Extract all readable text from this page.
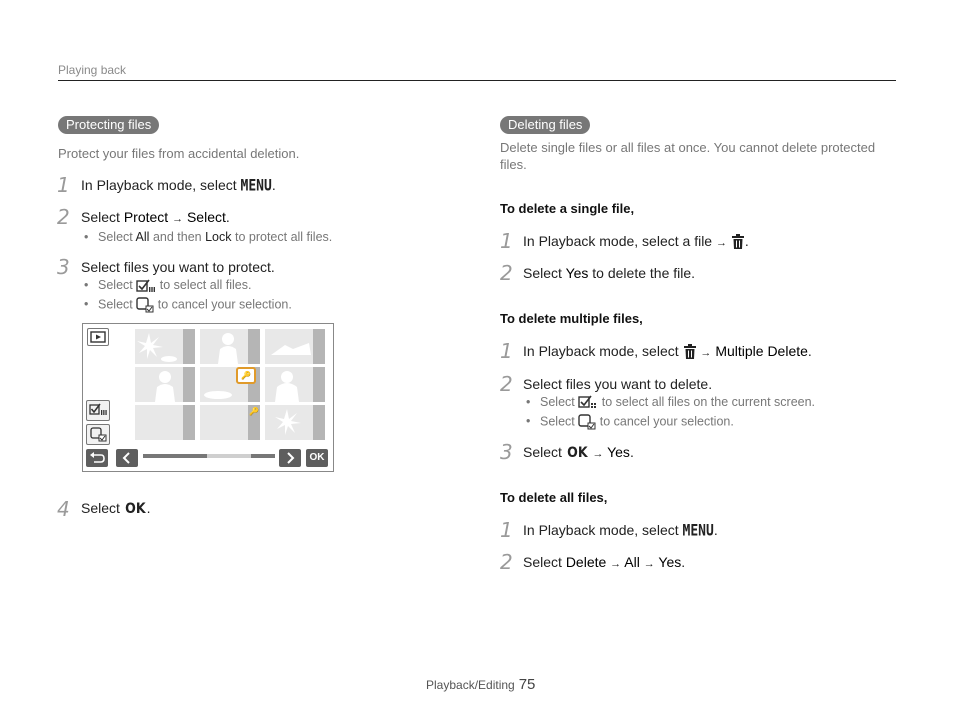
Playing back
Protecting files
Protect your files from accidental deletion.
1 In Playback mode, select MENU.
2 Select Protect → Select.
• Select All and then Lock to protect all files.
3 Select files you want to protect.
• Select to select all files.
• Select to cancel your selection.
🔑
🔑
OK
4 Select OK.
Deleting files
Delete single files or all files at once. You cannot delete protected files.
To delete a single file,
1 In Playback mode, select a file → .
2 Select Yes to delete the file.
To delete multiple files,
1 In Playback mode, select → Multiple Delete.
2 Select files you want to delete.
• Select to select all files on the current screen.
• Select to cancel your selection.
3 Select OK → Yes.
To delete all files,
1 In Playback mode, select MENU.
2 Select Delete → All → Yes.
Playback/Editing 75
